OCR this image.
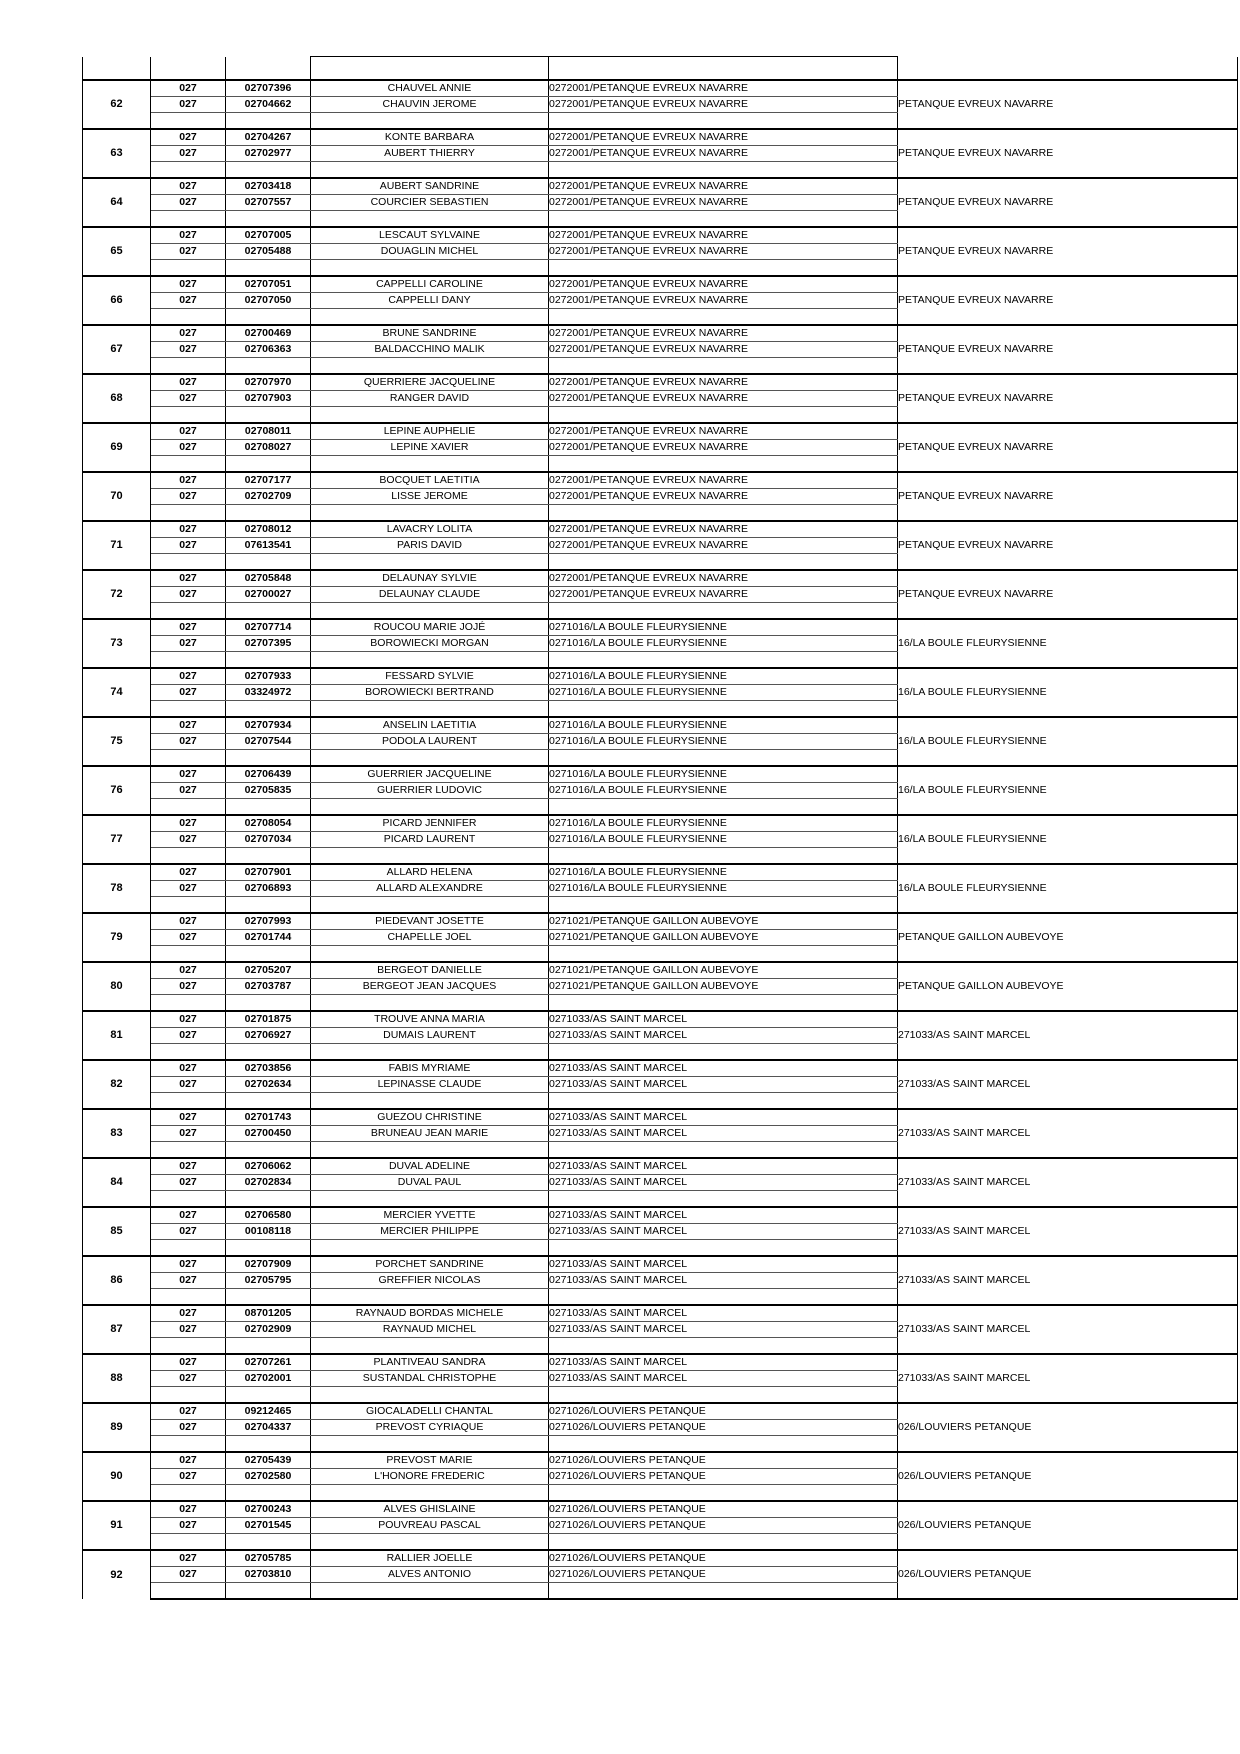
62	027	02707396	CHAUVEL ANNIE	0272001/PETANQUE EVREUX NAVARRE	

	027	02704662	CHAUVIN JEROME	0272001/PETANQUE EVREUX NAVARRE	PETANQUE EVREUX NAVARRE

63	027	02704267	KONTE BARBARA	0272001/PETANQUE EVREUX NAVARRE	

	027	02702977	AUBERT THIERRY	0272001/PETANQUE EVREUX NAVARRE	PETANQUE EVREUX NAVARRE

64	027	02703418	AUBERT SANDRINE	0272001/PETANQUE EVREUX NAVARRE	

	027	02707557	COURCIER SEBASTIEN	0272001/PETANQUE EVREUX NAVARRE	PETANQUE EVREUX NAVARRE

65	027	02707005	LESCAUT SYLVAINE	0272001/PETANQUE EVREUX NAVARRE	

	027	02705488	DOUAGLIN MICHEL	0272001/PETANQUE EVREUX NAVARRE	PETANQUE EVREUX NAVARRE

66	027	02707051	CAPPELLI CAROLINE	0272001/PETANQUE EVREUX NAVARRE	

	027	02707050	CAPPELLI DANY	0272001/PETANQUE EVREUX NAVARRE	PETANQUE EVREUX NAVARRE

67	027	02700469	BRUNE SANDRINE	0272001/PETANQUE EVREUX NAVARRE	

	027	02706363	BALDACCHINO MALIK	0272001/PETANQUE EVREUX NAVARRE	PETANQUE EVREUX NAVARRE

68	027	02707970	QUERRIERE JACQUELINE	0272001/PETANQUE EVREUX NAVARRE	

	027	02707903	RANGER DAVID	0272001/PETANQUE EVREUX NAVARRE	PETANQUE EVREUX NAVARRE

69	027	02708011	LEPINE AUPHELIE	0272001/PETANQUE EVREUX NAVARRE	

	027	02708027	LEPINE XAVIER	0272001/PETANQUE EVREUX NAVARRE	PETANQUE EVREUX NAVARRE

70	027	02707177	BOCQUET LAETITIA	0272001/PETANQUE EVREUX NAVARRE	

	027	02702709	LISSE JEROME	0272001/PETANQUE EVREUX NAVARRE	PETANQUE EVREUX NAVARRE

71	027	02708012	LAVACRY LOLITA	0272001/PETANQUE EVREUX NAVARRE	

	027	07613541	PARIS DAVID	0272001/PETANQUE EVREUX NAVARRE	PETANQUE EVREUX NAVARRE

72	027	02705848	DELAUNAY SYLVIE	0272001/PETANQUE EVREUX NAVARRE	

	027	02700027	DELAUNAY CLAUDE	0272001/PETANQUE EVREUX NAVARRE	PETANQUE EVREUX NAVARRE

73	027	02707714	ROUCOU MARIE JOJÉ	0271016/LA BOULE FLEURYSIENNE	

	027	02707395	BOROWIECKI MORGAN	0271016/LA BOULE FLEURYSIENNE	16/LA BOULE FLEURYSIENNE

74	027	02707933	FESSARD SYLVIE	0271016/LA BOULE FLEURYSIENNE	

	027	03324972	BOROWIECKI BERTRAND	0271016/LA BOULE FLEURYSIENNE	16/LA BOULE FLEURYSIENNE

75	027	02707934	ANSELIN LAETITIA	0271016/LA BOULE FLEURYSIENNE	

	027	02707544	PODOLA LAURENT	0271016/LA BOULE FLEURYSIENNE	16/LA BOULE FLEURYSIENNE

76	027	02706439	GUERRIER JACQUELINE	0271016/LA BOULE FLEURYSIENNE	

	027	02705835	GUERRIER LUDOVIC	0271016/LA BOULE FLEURYSIENNE	16/LA BOULE FLEURYSIENNE

77	027	02708054	PICARD JENNIFER	0271016/LA BOULE FLEURYSIENNE	

	027	02707034	PICARD LAURENT	0271016/LA BOULE FLEURYSIENNE	16/LA BOULE FLEURYSIENNE

78	027	02707901	ALLARD HELENA	0271016/LA BOULE FLEURYSIENNE	

	027	02706893	ALLARD ALEXANDRE	0271016/LA BOULE FLEURYSIENNE	16/LA BOULE FLEURYSIENNE

79	027	02707993	PIEDEVANT JOSETTE	0271021/PETANQUE GAILLON AUBEVOYE	

	027	02701744	CHAPELLE JOEL	0271021/PETANQUE GAILLON AUBEVOYE	PETANQUE GAILLON AUBEVOYE

80	027	02705207	BERGEOT DANIELLE	0271021/PETANQUE GAILLON AUBEVOYE	

	027	02703787	BERGEOT JEAN JACQUES	0271021/PETANQUE GAILLON AUBEVOYE	PETANQUE GAILLON AUBEVOYE

81	027	02701875	TROUVE ANNA MARIA	0271033/AS SAINT MARCEL	

	027	02706927	DUMAIS LAURENT	0271033/AS SAINT MARCEL	271033/AS SAINT MARCEL

82	027	02703856	FABIS MYRIAME	0271033/AS SAINT MARCEL	

	027	02702634	LEPINASSE CLAUDE	0271033/AS SAINT MARCEL	271033/AS SAINT MARCEL

83	027	02701743	GUEZOU CHRISTINE	0271033/AS SAINT MARCEL	

	027	02700450	BRUNEAU JEAN MARIE	0271033/AS SAINT MARCEL	271033/AS SAINT MARCEL

84	027	02706062	DUVAL ADELINE	0271033/AS SAINT MARCEL	

	027	02702834	DUVAL PAUL	0271033/AS SAINT MARCEL	271033/AS SAINT MARCEL

85	027	02706580	MERCIER YVETTE	0271033/AS SAINT MARCEL	

	027	00108118	MERCIER PHILIPPE	0271033/AS SAINT MARCEL	271033/AS SAINT MARCEL

86	027	02707909	PORCHET SANDRINE	0271033/AS SAINT MARCEL	

	027	02705795	GREFFIER NICOLAS	0271033/AS SAINT MARCEL	271033/AS SAINT MARCEL

87	027	08701205	RAYNAUD BORDAS MICHELE	0271033/AS SAINT MARCEL	

	027	02702909	RAYNAUD MICHEL	0271033/AS SAINT MARCEL	271033/AS SAINT MARCEL

88	027	02707261	PLANTIVEAU SANDRA	0271033/AS SAINT MARCEL	

	027	02702001	SUSTANDAL CHRISTOPHE	0271033/AS SAINT MARCEL	271033/AS SAINT MARCEL

89	027	09212465	GIOCALADELLI CHANTAL	0271026/LOUVIERS PETANQUE	

	027	02704337	PREVOST CYRIAQUE	0271026/LOUVIERS PETANQUE	026/LOUVIERS PETANQUE

90	027	02705439	PREVOST MARIE	0271026/LOUVIERS PETANQUE	

	027	02702580	L'HONORE FREDERIC	0271026/LOUVIERS PETANQUE	026/LOUVIERS PETANQUE

91	027	02700243	ALVES GHISLAINE	0271026/LOUVIERS PETANQUE	

	027	02701545	POUVREAU PASCAL	0271026/LOUVIERS PETANQUE	026/LOUVIERS PETANQUE

92	027	02705785	RALLIER JOELLE	0271026/LOUVIERS PETANQUE	

	027	02703810	ALVES ANTONIO	0271026/LOUVIERS PETANQUE	026/LOUVIERS PETANQUE
